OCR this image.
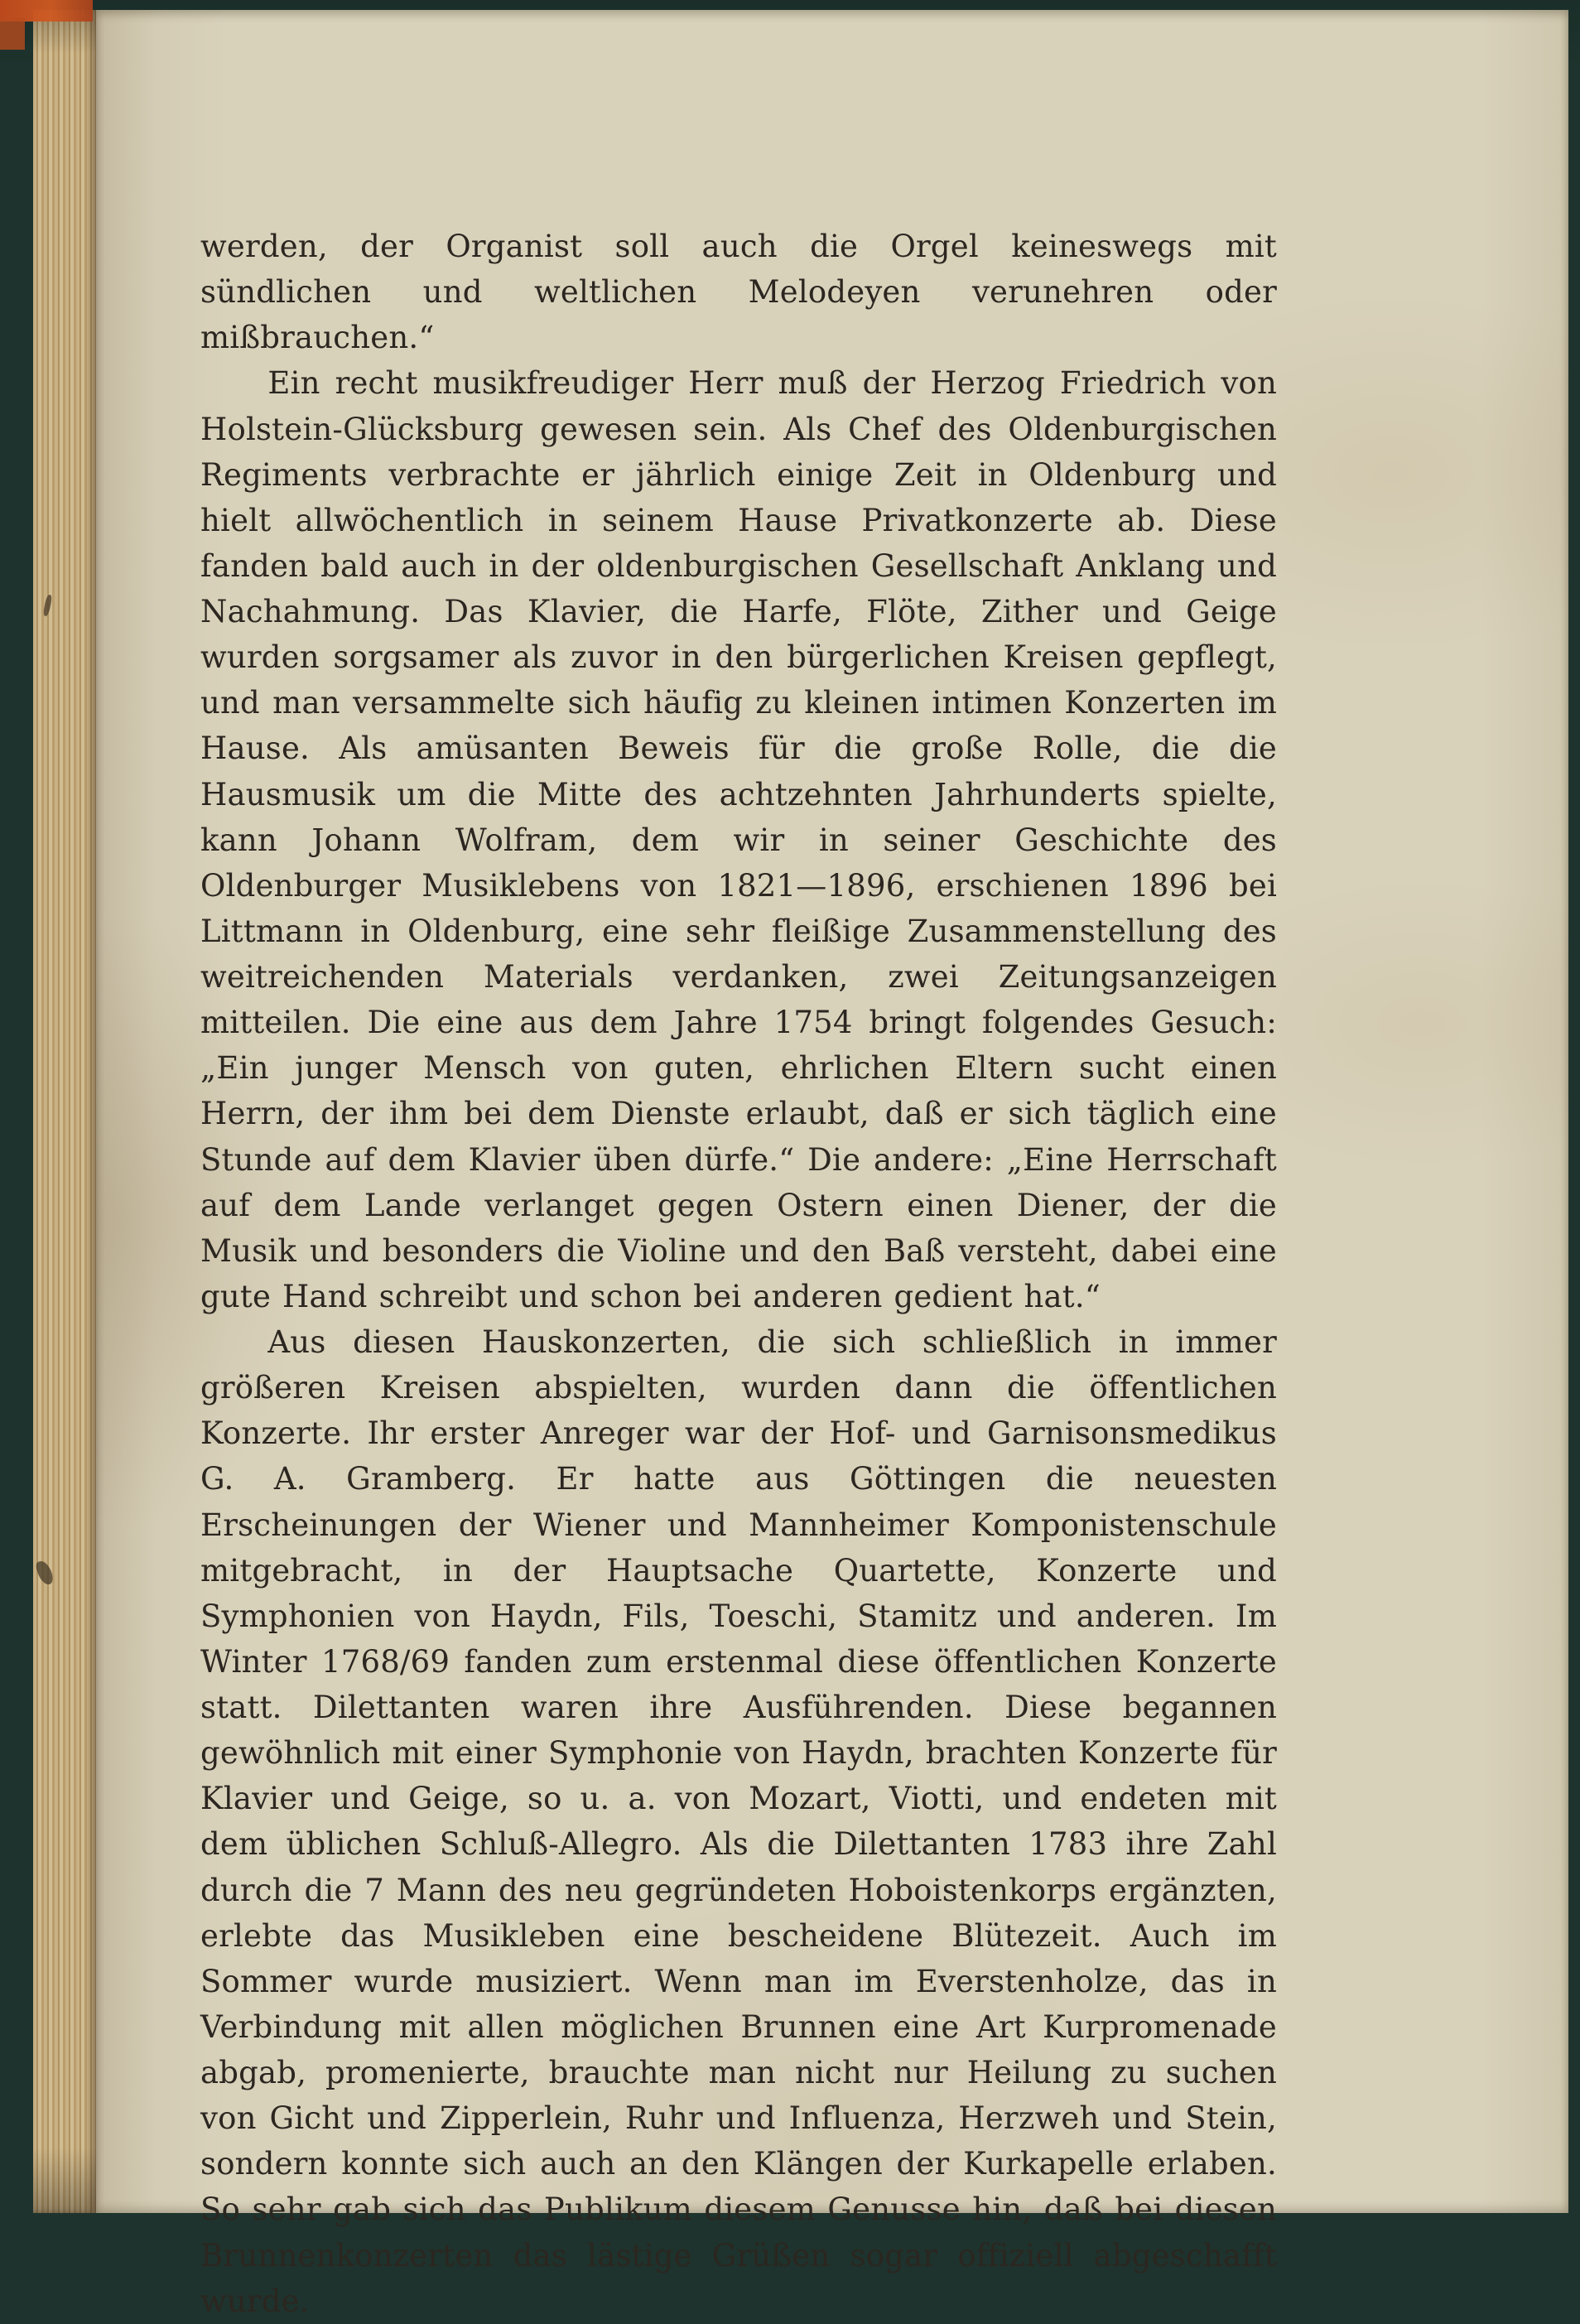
werden, der Organist soll auch die Orgel keineswegs mit sündlichen und weltlichen Melodeyen verunehren oder mißbrauchen.“

Ein recht musikfreudiger Herr muß der Herzog Friedrich von Holstein-Glücksburg gewesen sein. Als Chef des Oldenburgischen Regiments verbrachte er jährlich einige Zeit in Oldenburg und hielt allwöchentlich in seinem Hause Privatkonzerte ab. Diese fanden bald auch in der oldenburgischen Gesellschaft Anklang und Nachahmung. Das Klavier, die Harfe, Flöte, Zither und Geige wurden sorgsamer als zuvor in den bürgerlichen Kreisen gepflegt, und man versammelte sich häufig zu kleinen intimen Konzerten im Hause. Als amüsanten Beweis für die große Rolle, die die Hausmusik um die Mitte des achtzehnten Jahrhunderts spielte, kann Johann Wolfram, dem wir in seiner Geschichte des Oldenburger Musiklebens von 1821—1896, erschienen 1896 bei Littmann in Oldenburg, eine sehr fleißige Zusammenstellung des weitreichenden Materials verdanken, zwei Zeitungsanzeigen mitteilen. Die eine aus dem Jahre 1754 bringt folgendes Gesuch: „Ein junger Mensch von guten, ehrlichen Eltern sucht einen Herrn, der ihm bei dem Dienste erlaubt, daß er sich täglich eine Stunde auf dem Klavier üben dürfe.“ Die andere: „Eine Herrschaft auf dem Lande verlanget gegen Ostern einen Diener, der die Musik und besonders die Violine und den Baß versteht, dabei eine gute Hand schreibt und schon bei anderen gedient hat.“

Aus diesen Hauskonzerten, die sich schließlich in immer größeren Kreisen abspielten, wurden dann die öffentlichen Konzerte. Ihr erster Anreger war der Hof- und Garnisonsmedikus G. A. Gramberg. Er hatte aus Göttingen die neuesten Erscheinungen der Wiener und Mannheimer Komponistenschule mitgebracht, in der Hauptsache Quartette, Konzerte und Symphonien von Haydn, Fils, Toeschi, Stamitz und anderen. Im Winter 1768/69 fanden zum erstenmal diese öffentlichen Konzerte statt. Dilettanten waren ihre Ausführenden. Diese begannen gewöhnlich mit einer Symphonie von Haydn, brachten Konzerte für Klavier und Geige, so u. a. von Mozart, Viotti, und endeten mit dem üblichen Schluß-Allegro. Als die Dilettanten 1783 ihre Zahl durch die 7 Mann des neu gegründeten Hoboistenkorps ergänzten, erlebte das Musikleben eine bescheidene Blütezeit. Auch im Sommer wurde musiziert. Wenn man im Everstenholze, das in Verbindung mit allen möglichen Brunnen eine Art Kurpromenade abgab, promenierte, brauchte man nicht nur Heilung zu suchen von Gicht und Zipperlein, Ruhr und Influenza, Herzweh und Stein, sondern konnte sich auch an den Klängen der Kurkapelle erlaben. So sehr gab sich das Publikum diesem Genusse hin, daß bei diesen Brunnenkonzerten das lästige Grüßen sogar offiziell abgeschafft wurde.
